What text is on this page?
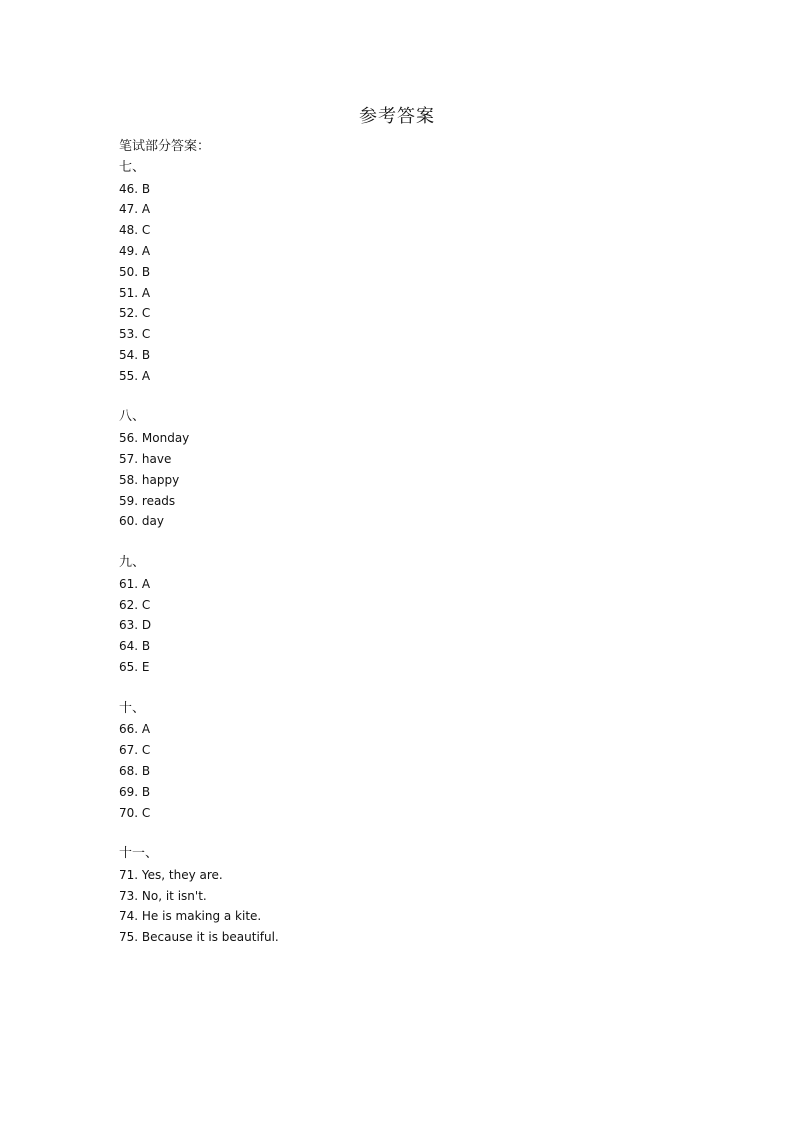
参考答案
笔试部分答案：
七、
46. B
47. A
48. C
49. A
50. B
51. A
52. C
53. C
54. B
55. A
八、
56. Monday
57. have
58. happy
59. reads
60. day
九、
61. A
62. C
63. D
64. B
65. E
十、
66. A
67. C
68. B
69. B
70. C
十一、
71. Yes, they are.
73. No, it isn't.
74. He is making a kite.
75. Because it is beautiful.
